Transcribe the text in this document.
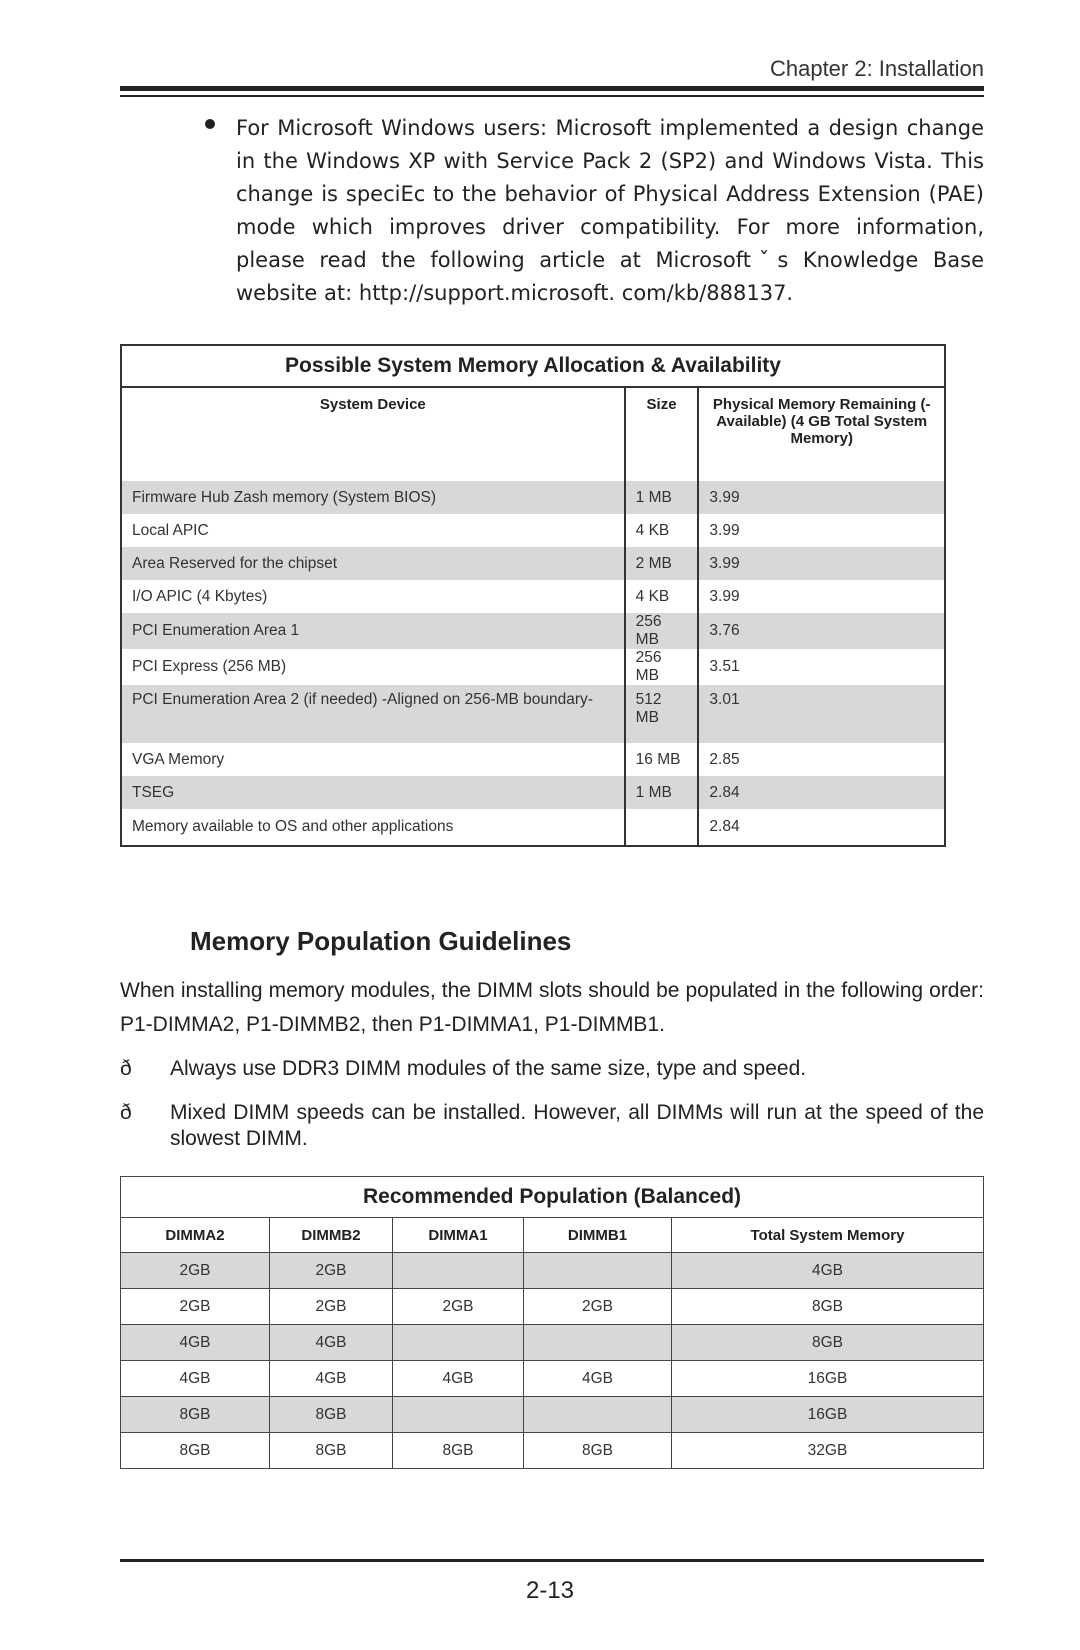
Chapter 2: Installation
For Microsoft Windows users: Microsoft implemented a design change in the Windows XP with Service Pack 2 (SP2) and Windows Vista. This change is speciEc to the behavior of Physical Address Extension (PAE) mode which improves driver compatibility. For more information, please read the following article at Microsoftˇs Knowledge Base website at: http://support.microsoft. com/kb/888137.
Possible System Memory Allocation & Availability		
System Device	Size	Physical Memory Remaining (-Available) (4 GB Total System Memory)
Firmware Hub Zash memory (System BIOS)	1 MB	3.99
Local APIC	4 KB	3.99
Area Reserved for the chipset	2 MB	3.99
I/O APIC (4 Kbytes)	4 KB	3.99
PCI Enumeration Area 1	256 MB	3.76
PCI Express (256 MB)	256 MB	3.51
PCI Enumeration Area 2 (if needed) -Aligned on 256-MB boundary-	512 MB	3.01
VGA Memory	16 MB	2.85
TSEG	1 MB	2.84
Memory available to OS and other applications		2.84
Memory Population Guidelines
When installing memory modules, the DIMM slots should be populated in the following order: P1-DIMMA2, P1-DIMMB2, then P1-DIMMA1, P1-DIMMB1.
ð	Always use DDR3 DIMM modules of the same size, type and speed.
ð	Mixed DIMM speeds can be installed. However, all DIMMs will run at the speed of the slowest DIMM.
Recommended Population (Balanced)				
DIMMA2	DIMMB2	DIMMA1	DIMMB1	Total System Memory
2GB	2GB			4GB
2GB	2GB	2GB	2GB	8GB
4GB	4GB			8GB
4GB	4GB	4GB	4GB	16GB
8GB	8GB			16GB
8GB	8GB	8GB	8GB	32GB
2-13
